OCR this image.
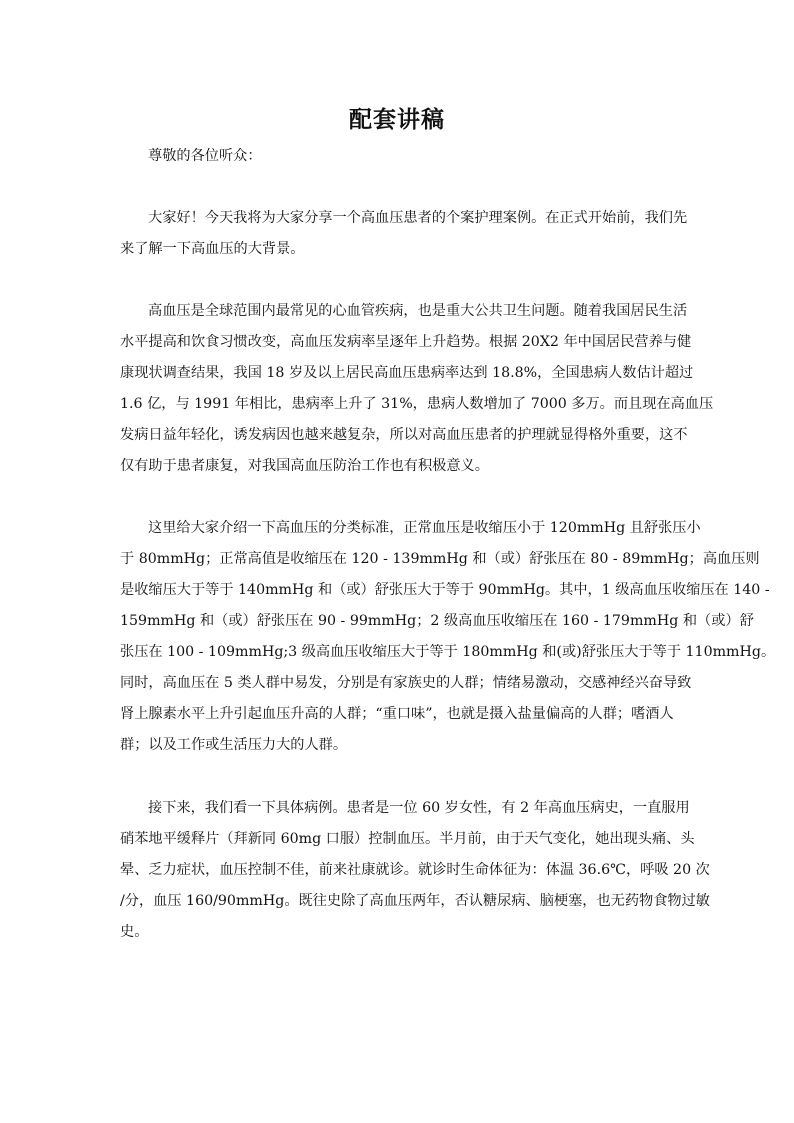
配套讲稿
尊敬的各位听众：
大家好！今天我将为大家分享一个高血压患者的个案护理案例。在正式开始前，我们先
来了解一下高血压的大背景。
高血压是全球范围内最常见的心血管疾病，也是重大公共卫生问题。随着我国居民生活
水平提高和饮食习惯改变，高血压发病率呈逐年上升趋势。根据 20X2 年中国居民营养与健
康现状调查结果，我国 18 岁及以上居民高血压患病率达到 18.8%，全国患病人数估计超过
1.6 亿，与 1991 年相比，患病率上升了 31%，患病人数增加了 7000 多万。而且现在高血压
发病日益年轻化，诱发病因也越来越复杂，所以对高血压患者的护理就显得格外重要，这不
仅有助于患者康复，对我国高血压防治工作也有积极意义。
这里给大家介绍一下高血压的分类标准，正常血压是收缩压小于 120mmHg 且舒张压小
于 80mmHg；正常高值是收缩压在 120 - 139mmHg 和（或）舒张压在 80 - 89mmHg；高血压则
是收缩压大于等于 140mmHg 和（或）舒张压大于等于 90mmHg。其中，1 级高血压收缩压在 140 -
159mmHg 和（或）舒张压在 90 - 99mmHg；2 级高血压收缩压在 160 - 179mmHg 和（或）舒
张压在 100 - 109mmHg;3 级高血压收缩压大于等于 180mmHg 和(或)舒张压大于等于 110mmHg。
同时，高血压在 5 类人群中易发，分别是有家族史的人群；情绪易激动，交感神经兴奋导致
肾上腺素水平上升引起血压升高的人群；“重口味”，也就是摄入盐量偏高的人群；嗜酒人
群；以及工作或生活压力大的人群。
接下来，我们看一下具体病例。患者是一位 60 岁女性，有 2 年高血压病史，一直服用
硝苯地平缓释片（拜新同 60mg 口服）控制血压。半月前，由于天气变化，她出现头痛、头
晕、乏力症状，血压控制不佳，前来社康就诊。就诊时生命体征为：体温 36.6℃，呼吸 20 次
/分，血压 160/90mmHg。既往史除了高血压两年，否认糖尿病、脑梗塞，也无药物食物过敏
史。
